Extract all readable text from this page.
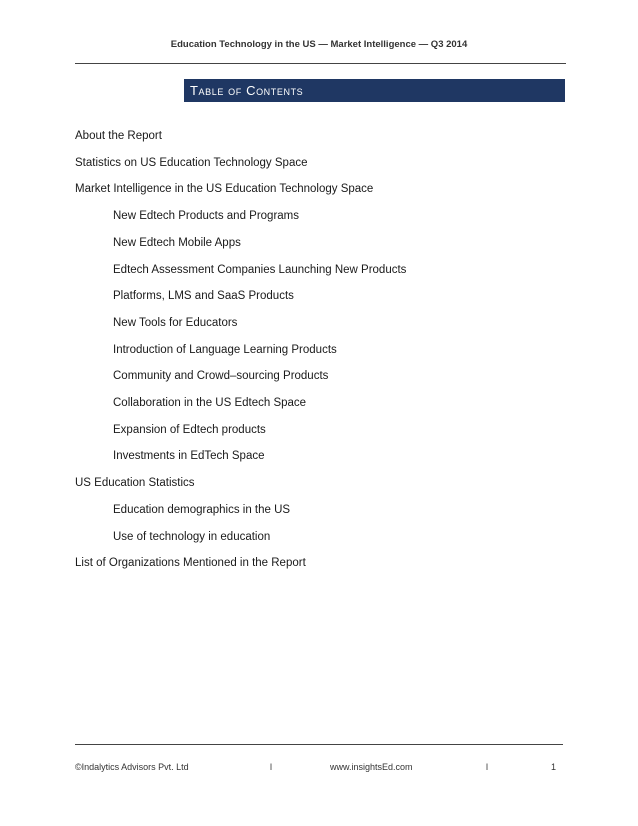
Education Technology in the US — Market Intelligence — Q3 2014
Table of Contents
About the Report
Statistics on US Education Technology Space
Market Intelligence in the US Education Technology Space
New Edtech Products and Programs
New Edtech Mobile Apps
Edtech Assessment Companies Launching New Products
Platforms, LMS and SaaS Products
New Tools for Educators
Introduction of Language Learning Products
Community and Crowd–sourcing Products
Collaboration in the US Edtech Space
Expansion of Edtech products
Investments in EdTech Space
US Education Statistics
Education demographics in the US
Use of technology in education
List of Organizations Mentioned in the Report
©Indalytics Advisors Pvt. Ltd	l	www.insightsEd.com	l	1
